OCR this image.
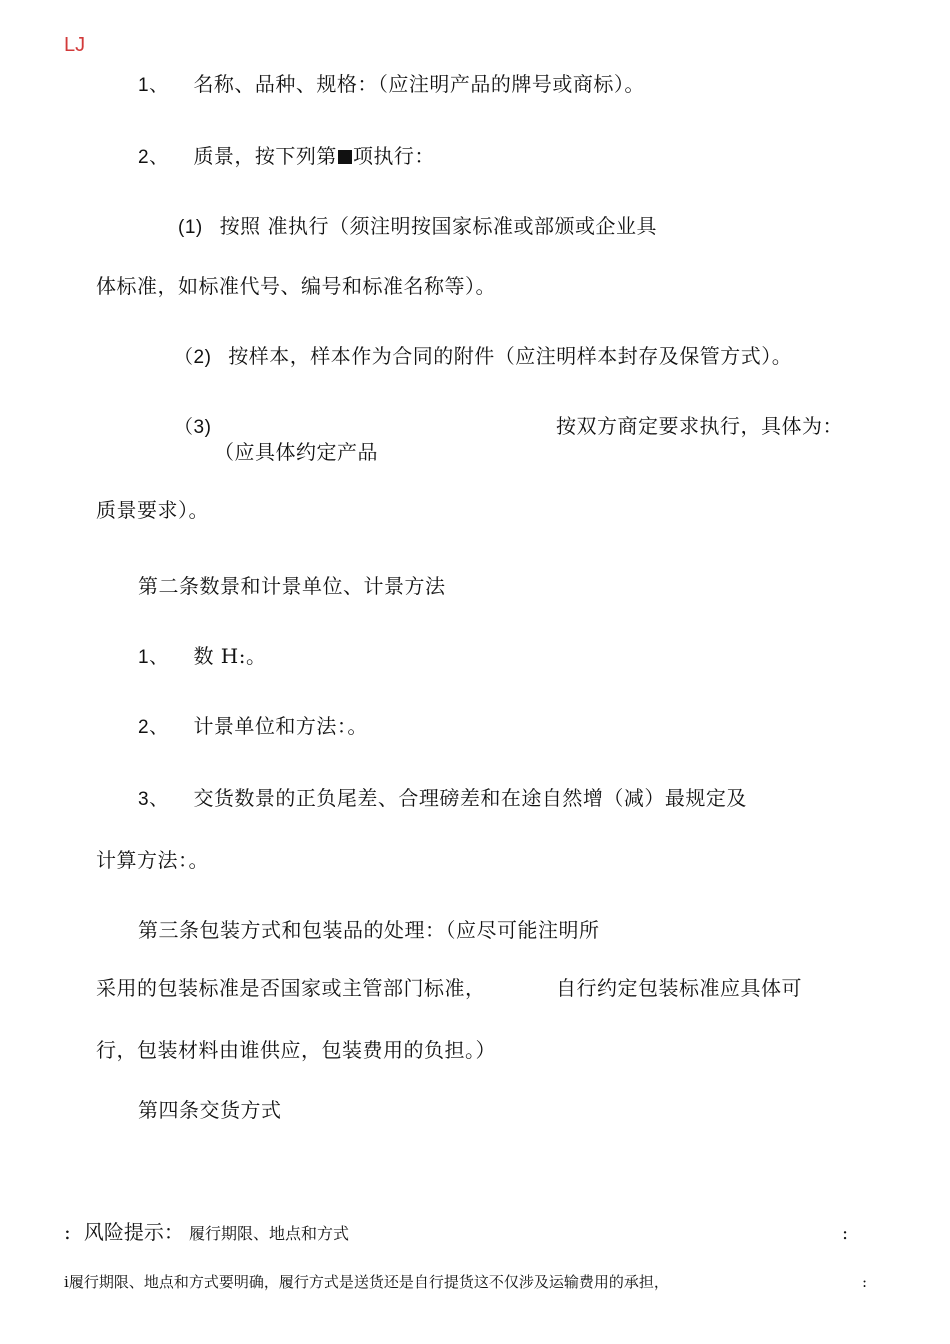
LJ
1、 名称、品种、规格：（应注明产品的牌号或商标）。
2、 质景，按下列第 项执行：
(1) 按照 准执行（须注明按国家标准或部颁或企业具
体标准，如标准代号、编号和标准名称等）。
（2) 按样本，样本作为合同的附件（应注明样本封存及保管方式）。
（3)	按双方商定要求执行，具体为：
（应具体约定产品
质景要求）。
第二条数景和计景单位、计景方法
1、 数 H:。
2、 计景单位和方法：。
3、 交货数景的正负尾差、合理磅差和在途自然增（减）最规定及
计算方法：。
第三条包装方式和包装品的处理：（应尽可能注明所
采用的包装标准是否国家或主管部门标准，	自行约定包装标准应具体可
行，包装材料由谁供应，包装费用的负担。）
第四条交货方式
: 风险提示： 履行期限、地点和方式	:
i履行期限、地点和方式要明确，履行方式是送货还是自行提货这不仅涉及运输费用的承担，	:
